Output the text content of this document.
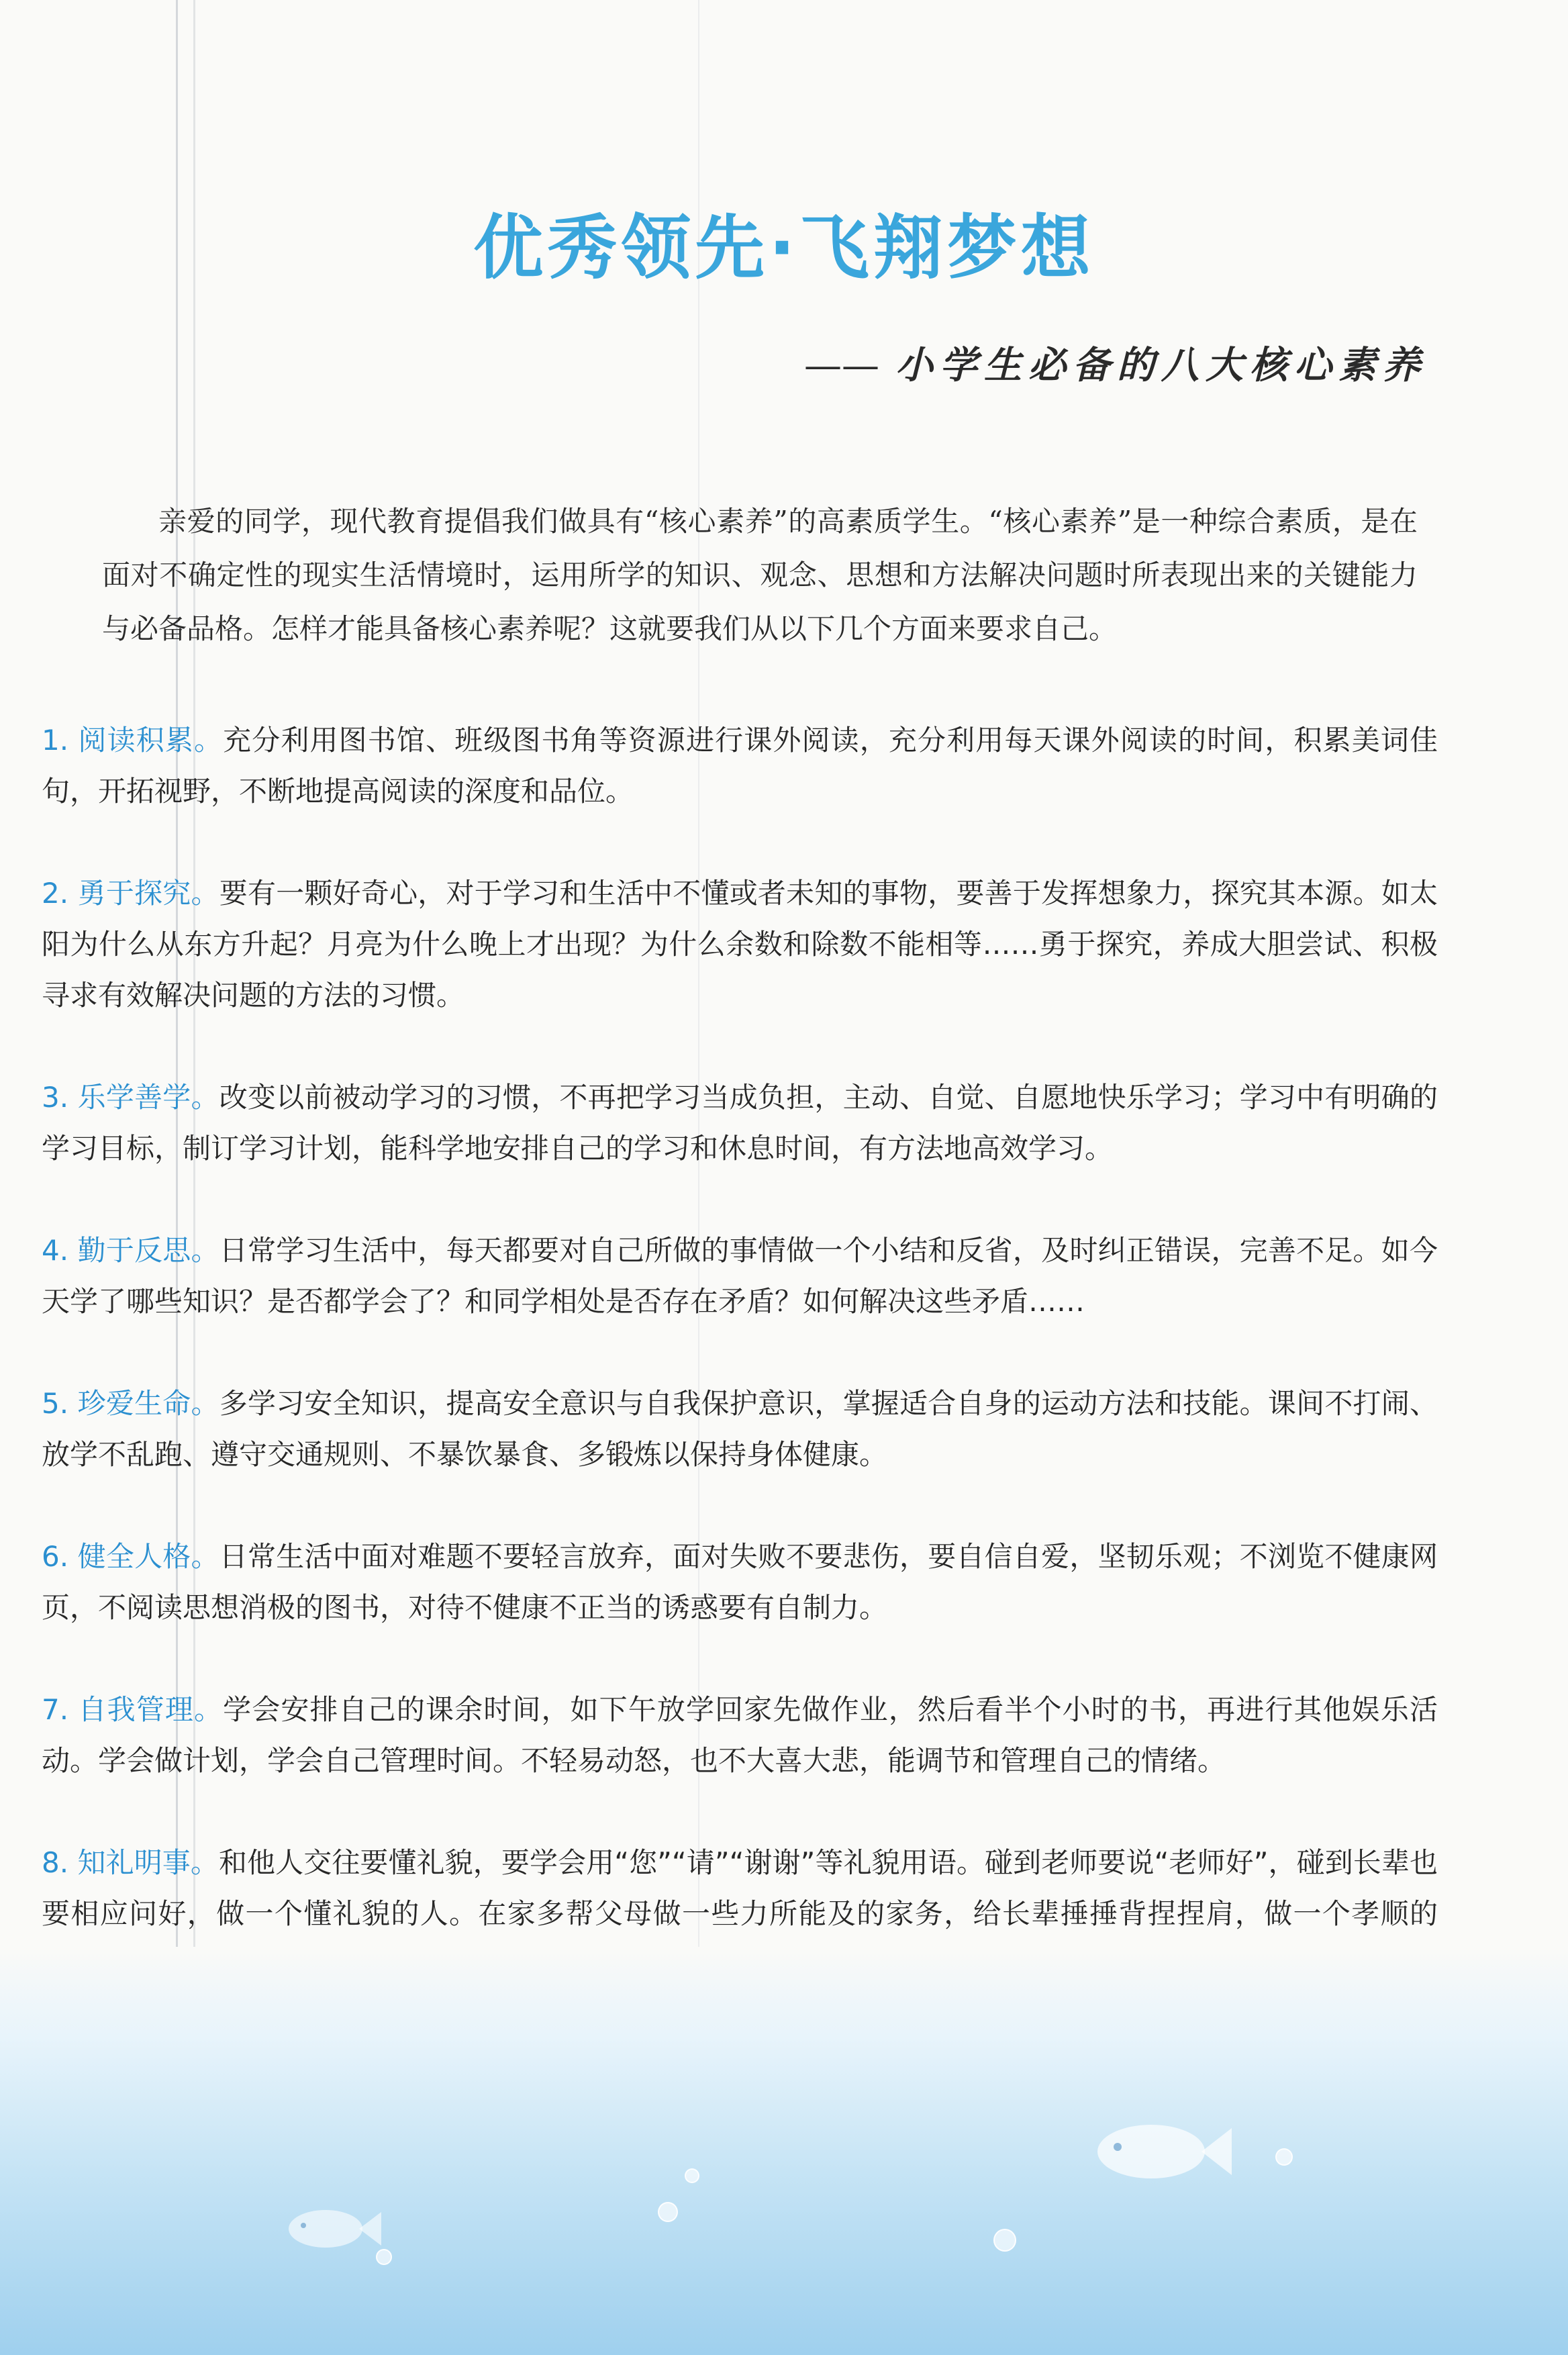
优秀领先·飞翔梦想
—— 小学生必备的八大核心素养

亲爱的同学，现代教育提倡我们做具有“核心素养”的高素质学生。“核心素养”是一种综合素质，是在面对不确定性的现实生活情境时，运用所学的知识、观念、思想和方法解决问题时所表现出来的关键能力与必备品格。怎样才能具备核心素养呢？这就要我们从以下几个方面来要求自己。

1. 阅读积累。充分利用图书馆、班级图书角等资源进行课外阅读，充分利用每天课外阅读的时间，积累美词佳句，开拓视野，不断地提高阅读的深度和品位。
2. 勇于探究。要有一颗好奇心，对于学习和生活中不懂或者未知的事物，要善于发挥想象力，探究其本源。如太阳为什么从东方升起？月亮为什么晚上才出现？为什么余数和除数不能相等……勇于探究，养成大胆尝试、积极寻求有效解决问题的方法的习惯。
3. 乐学善学。改变以前被动学习的习惯，不再把学习当成负担，主动、自觉、自愿地快乐学习；学习中有明确的学习目标，制订学习计划，能科学地安排自己的学习和休息时间，有方法地高效学习。
4. 勤于反思。日常学习生活中，每天都要对自己所做的事情做一个小结和反省，及时纠正错误，完善不足。如今天学了哪些知识？是否都学会了？和同学相处是否存在矛盾？如何解决这些矛盾……
5. 珍爱生命。多学习安全知识，提高安全意识与自我保护意识，掌握适合自身的运动方法和技能。课间不打闹、放学不乱跑、遵守交通规则、不暴饮暴食、多锻炼以保持身体健康。
6. 健全人格。日常生活中面对难题不要轻言放弃，面对失败不要悲伤，要自信自爱，坚韧乐观；不浏览不健康网页，不阅读思想消极的图书，对待不健康不正当的诱惑要有自制力。
7. 自我管理。学会安排自己的课余时间，如下午放学回家先做作业，然后看半个小时的书，再进行其他娱乐活动。学会做计划，学会自己管理时间。不轻易动怒，也不大喜大悲，能调节和管理自己的情绪。
8. 知礼明事。和他人交往要懂礼貌，要学会用“您”“请”“谢谢”等礼貌用语。碰到老师要说“老师好”，碰到长辈也要相应问好，做一个懂礼貌的人。在家多帮父母做一些力所能及的家务，给长辈捶捶背捏捏肩，做一个孝顺的
